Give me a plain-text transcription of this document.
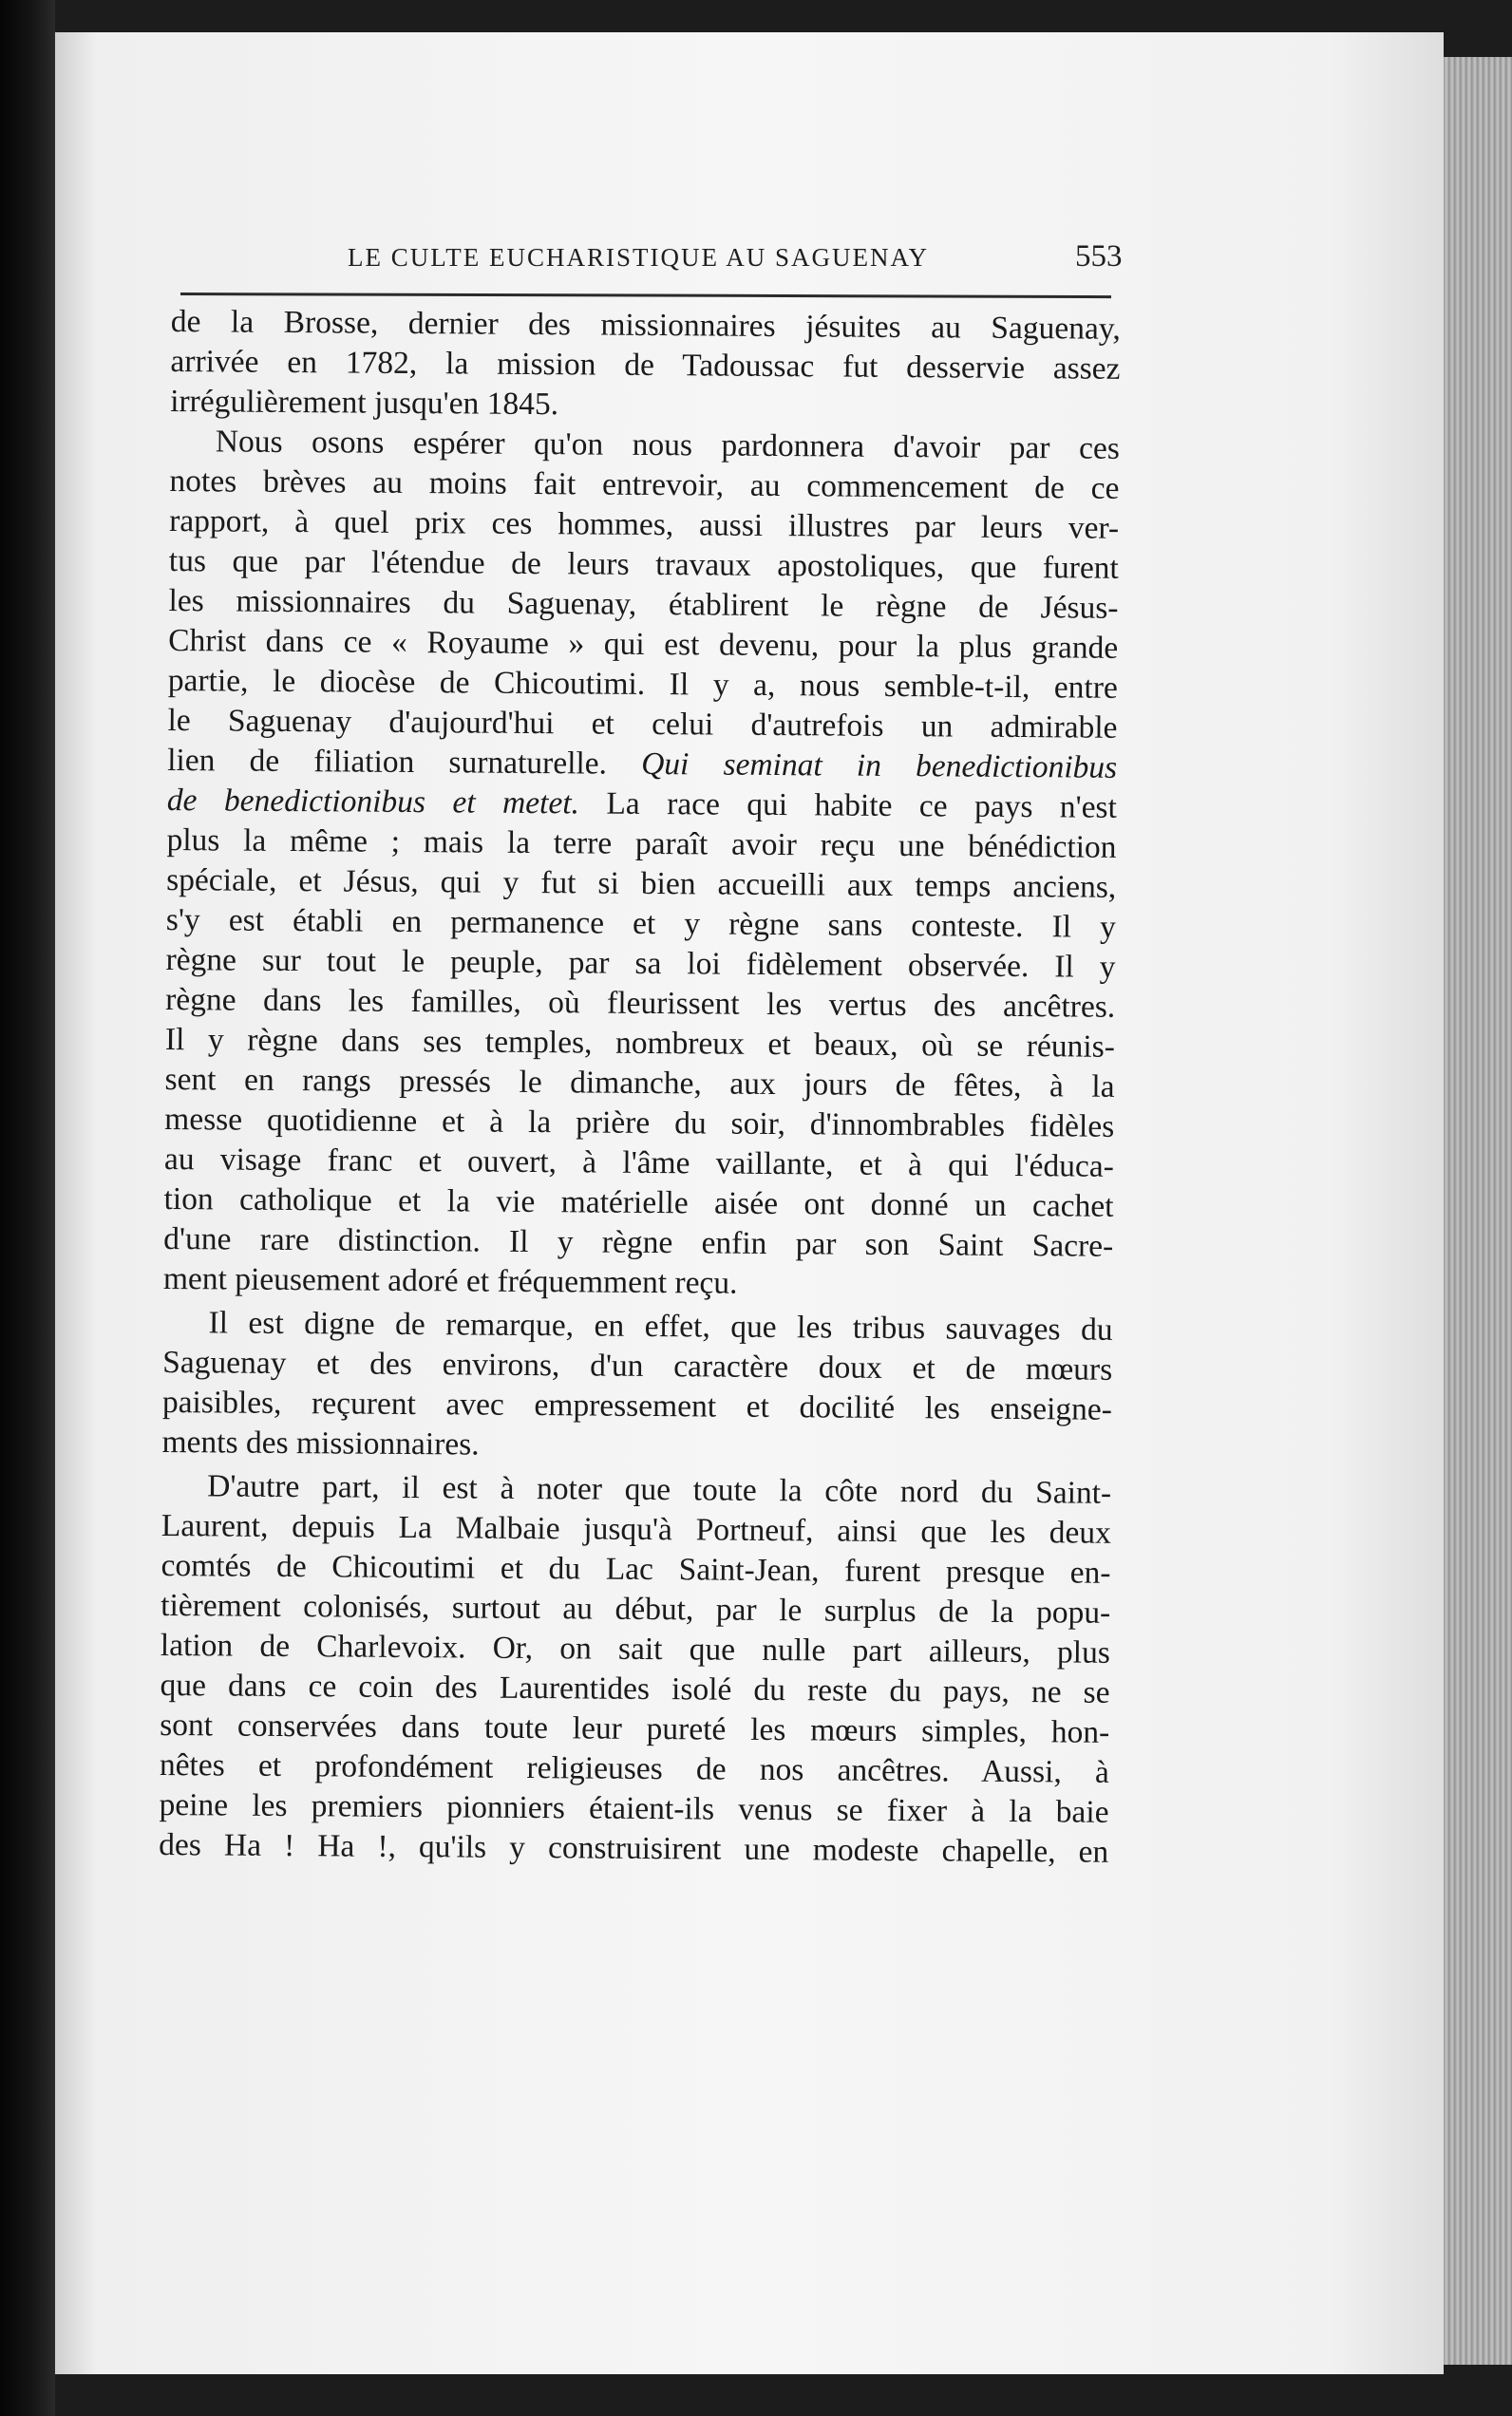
LE CULTE EUCHARISTIQUE AU SAGUENAY	553
de la Brosse, dernier des missionnaires jésuites au Saguenay,
arrivée en 1782, la mission de Tadoussac fut desservie assez
irrégulièrement jusqu'en 1845.
Nous osons espérer qu'on nous pardonnera d'avoir par ces
notes brèves au moins fait entrevoir, au commencement de ce
rapport, à quel prix ces hommes, aussi illustres par leurs ver-
tus que par l'étendue de leurs travaux apostoliques, que furent
les missionnaires du Saguenay, établirent le règne de Jésus-
Christ dans ce « Royaume » qui est devenu, pour la plus grande
partie, le diocèse de Chicoutimi. Il y a, nous semble-t-il, entre
le Saguenay d'aujourd'hui et celui d'autrefois un admirable
lien de filiation surnaturelle. Qui seminat in benedictionibus
de benedictionibus et metet. La race qui habite ce pays n'est
plus la même ; mais la terre paraît avoir reçu une bénédiction
spéciale, et Jésus, qui y fut si bien accueilli aux temps anciens,
s'y est établi en permanence et y règne sans conteste. Il y
règne sur tout le peuple, par sa loi fidèlement observée. Il y
règne dans les familles, où fleurissent les vertus des ancêtres.
Il y règne dans ses temples, nombreux et beaux, où se réunis-
sent en rangs pressés le dimanche, aux jours de fêtes, à la
messe quotidienne et à la prière du soir, d'innombrables fidèles
au visage franc et ouvert, à l'âme vaillante, et à qui l'éduca-
tion catholique et la vie matérielle aisée ont donné un cachet
d'une rare distinction. Il y règne enfin par son Saint Sacre-
ment pieusement adoré et fréquemment reçu.
Il est digne de remarque, en effet, que les tribus sauvages du
Saguenay et des environs, d'un caractère doux et de mœurs
paisibles, reçurent avec empressement et docilité les enseigne-
ments des missionnaires.
D'autre part, il est à noter que toute la côte nord du Saint-
Laurent, depuis La Malbaie jusqu'à Portneuf, ainsi que les deux
comtés de Chicoutimi et du Lac Saint-Jean, furent presque en-
tièrement colonisés, surtout au début, par le surplus de la popu-
lation de Charlevoix. Or, on sait que nulle part ailleurs, plus
que dans ce coin des Laurentides isolé du reste du pays, ne se
sont conservées dans toute leur pureté les mœurs simples, hon-
nêtes et profondément religieuses de nos ancêtres. Aussi, à
peine les premiers pionniers étaient-ils venus se fixer à la baie
des Ha ! Ha !, qu'ils y construisirent une modeste chapelle, en
